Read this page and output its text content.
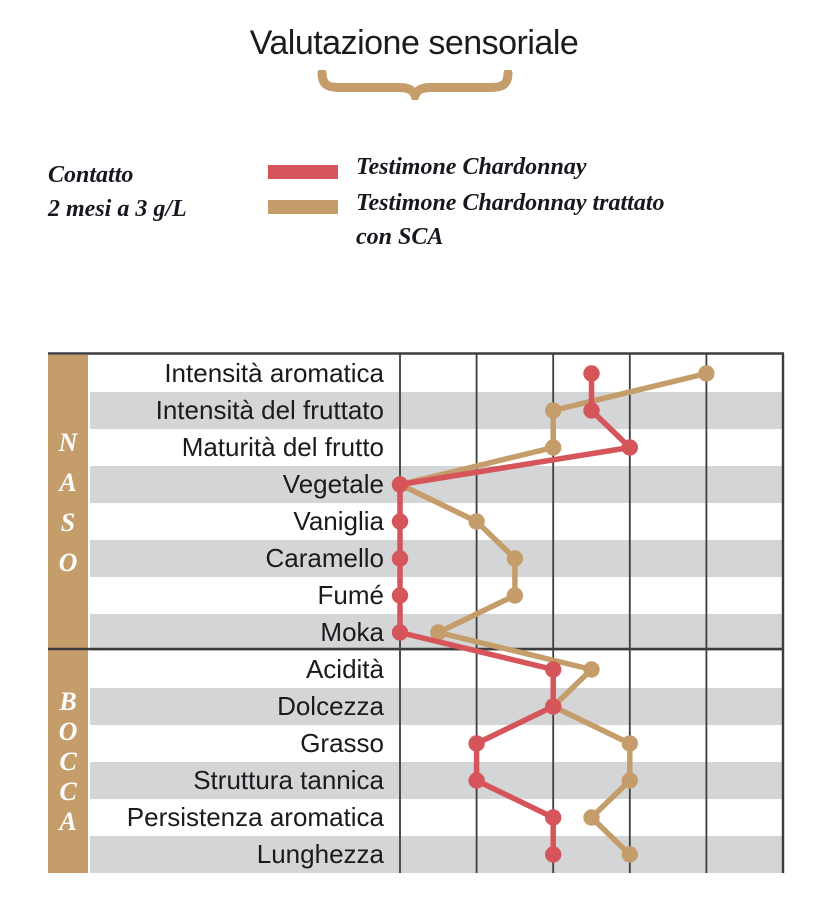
Valutazione sensoriale
Contatto
2 mesi a 3 g/L
Testimone Chardonnay
Testimone Chardonnay trattato con SCA
Intensità aromatica
Intensità del fruttato
Maturità del frutto
Vegetale
Vaniglia
Caramello
Fumé
Moka
Acidità
Dolcezza
Grasso
Struttura tannica
Persistenza aromatica
Lunghezza
N
A
S
O
B
O
C
C
A
